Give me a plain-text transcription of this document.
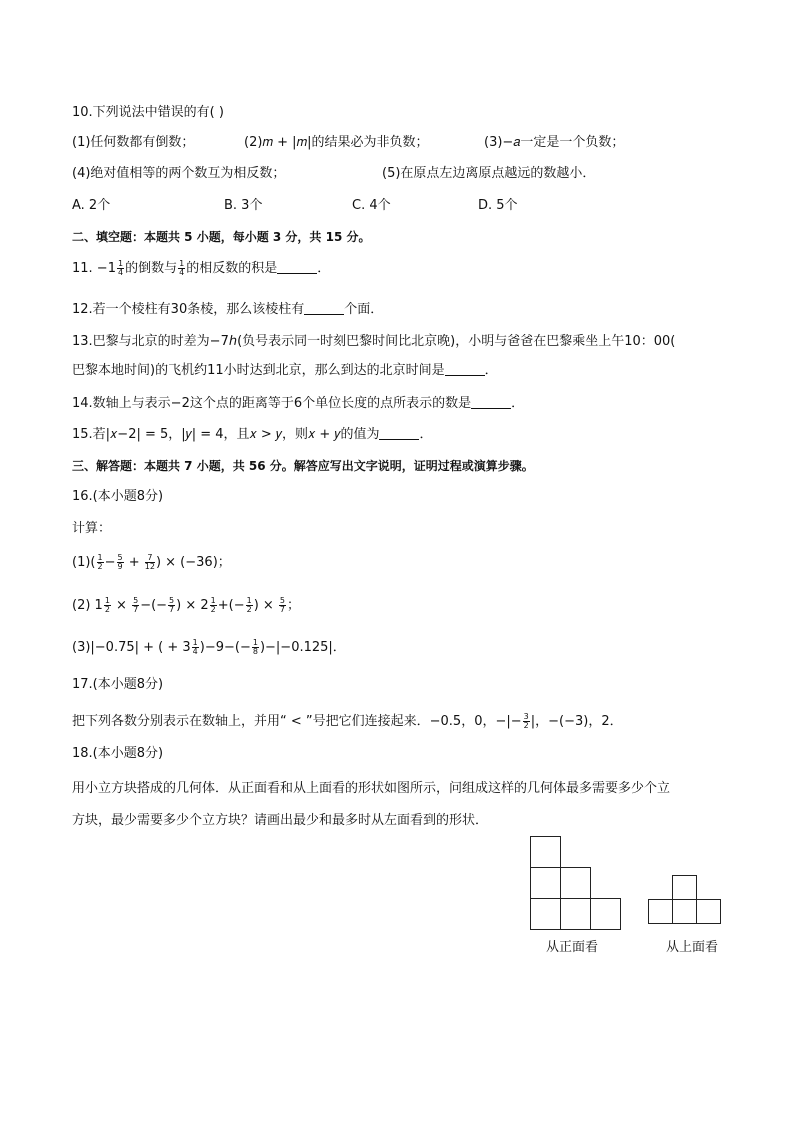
10.下列说法中错误的有( )
(1)任何数都有倒数；	(2)𝑚 + |𝑚|的结果必为非负数；	(3)−𝑎一定是一个负数；
(4)绝对值相等的两个数互为相反数；	(5)在原点左边离原点越远的数越小．
A. 2个	B. 3个	C. 4个	D. 5个
二、填空题：本题共 5 小题，每小题 3 分，共 15 分。
11. $-1 \frac{1}{4}$ 的倒数与 $\frac{1}{4}$ 的相反数的积是	．
12.若一个棱柱有30条棱，那么该棱柱有	个面．
13.巴黎与北京的时差为−7ℎ(负号表示同一时刻巴黎时间比北京晚)，小明与爸爸在巴黎乘坐上午10：00(
巴黎本地时间)的飞机约11小时达到北京，那么到达的北京时间是	．
14.数轴上与表示−2这个点的距离等于6个单位长度的点所表示的数是	．
15.若|𝑥−2| = 5，|𝑦| = 4，且𝑥 > 𝑦，则𝑥 + 𝑦的值为	．
三、解答题：本题共 7 小题，共 56 分。解答应写出文字说明，证明过程或演算步骤。
16.(本小题8分)
计算：
$(1)( \frac{1}{2} - \frac{5}{9} + \frac{7}{12}$ ) × (−36)；
(2) $1 \frac{1}{2} \times \frac{5}{7}$ −(− $\frac{5}{7}$ ) × $2 \frac{1}{2}$ +(− $\frac{1}{2}$ ) × $\frac{5}{7}$ ；
(3)|−0.75| + ( + $3 \frac{1}{4} )-9-(- \frac{1}{8} )-|-0.125|$．
17.(本小题8分)
把下列各数分别表示在数轴上，并用“ < ”号把它们连接起来．−0.5，0，−|− $\frac{3}{2}$ |，−(−3)，2．
18.(本小题8分)
用小立方块搭成的几何体．从正面看和从上面看的形状如图所示，问组成这样的几何体最多需要多少个立
方块，最少需要多少个立方块？请画出最少和最多时从左面看到的形状．
从正面看	从上面看
